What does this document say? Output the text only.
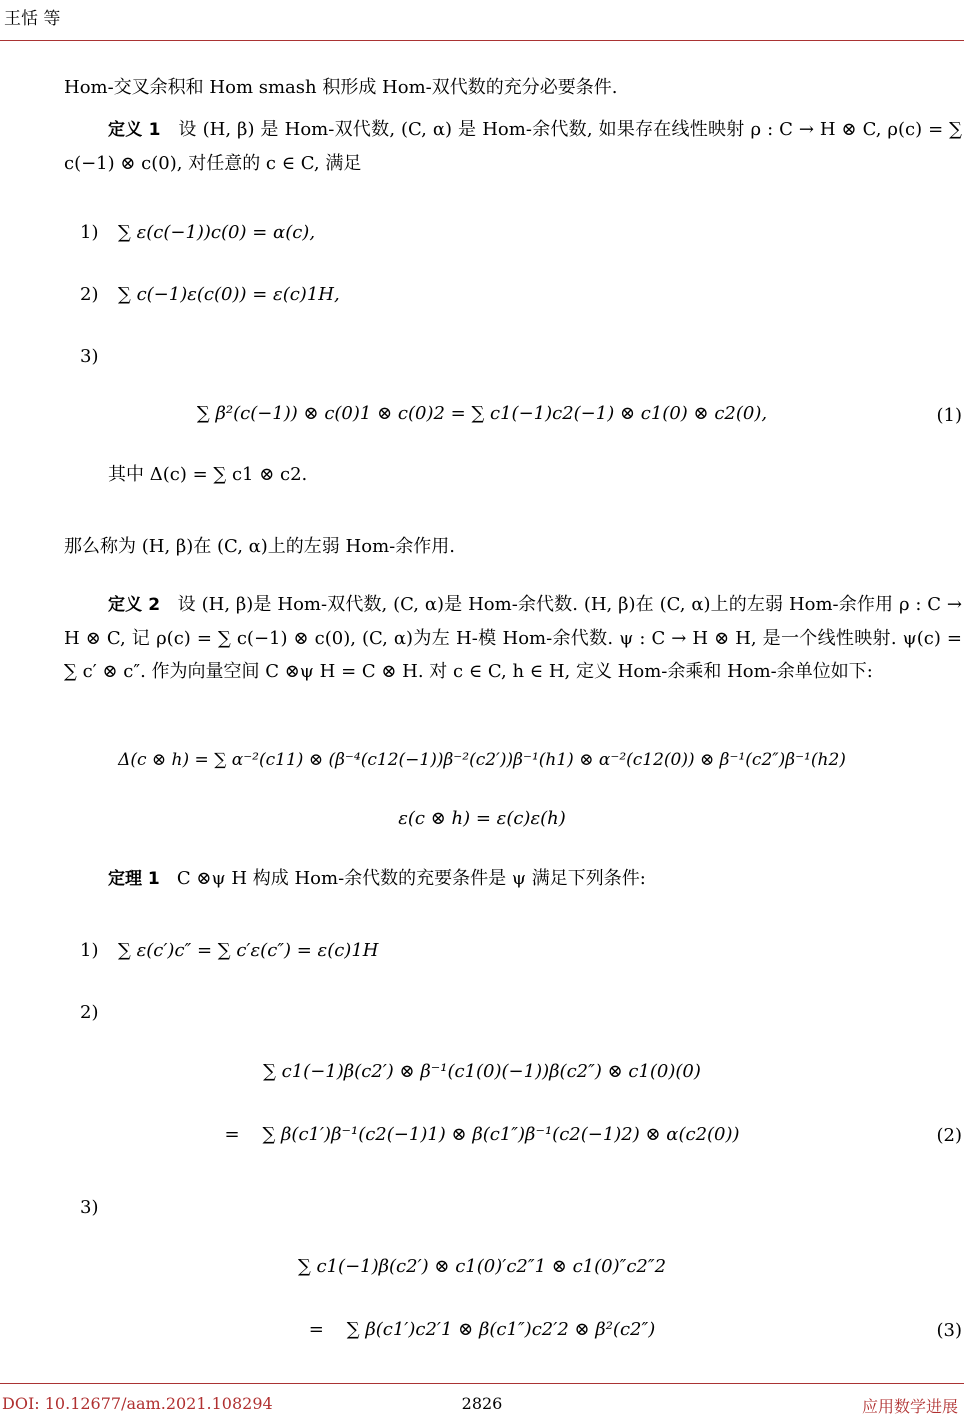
王恬 等
Hom-交叉余积和 Hom smash 积形成 Hom-双代数的充分必要条件.
定义 1 设 (H, β) 是 Hom-双代数, (C, α) 是 Hom-余代数, 如果存在线性映射 ρ : C → H ⊗ C, ρ(c) = ∑ c(−1) ⊗ c(0), 对任意的 c ∈ C, 满足
1) ∑ ε(c(−1))c(0) = α(c),
2) ∑ c(−1)ε(c(0)) = ε(c)1H,
3)
∑ β²(c(−1)) ⊗ c(0)1 ⊗ c(0)2 = ∑ c1(−1)c2(−1) ⊗ c1(0) ⊗ c2(0),	(1)
其中 Δ(c) = ∑ c1 ⊗ c2.
那么称为 (H, β)在 (C, α)上的左弱 Hom-余作用.
定义 2 设 (H, β)是 Hom-双代数, (C, α)是 Hom-余代数. (H, β)在 (C, α)上的左弱 Hom-余作用 ρ : C → H ⊗ C, 记 ρ(c) = ∑ c(−1) ⊗ c(0), (C, α)为左 H-模 Hom-余代数. ψ : C → H ⊗ H, 是一个线性映射. ψ(c) = ∑ c′ ⊗ c″. 作为向量空间 C ⊗ψ H = C ⊗ H. 对 c ∈ C, h ∈ H, 定义 Hom-余乘和 Hom-余单位如下:
Δ(c ⊗ h) = ∑ α⁻²(c11) ⊗ (β⁻⁴(c12(−1))β⁻²(c2′))β⁻¹(h1) ⊗ α⁻²(c12(0)) ⊗ β⁻¹(c2″)β⁻¹(h2)
ε(c ⊗ h) = ε(c)ε(h)
定理 1 C ⊗ψ H 构成 Hom-余代数的充要条件是 ψ 满足下列条件:
1) ∑ ε(c′)c″ = ∑ c′ε(c″) = ε(c)1H
2)
∑ c1(−1)β(c2′) ⊗ β⁻¹(c1(0)(−1))β(c2″) ⊗ c1(0)(0)
= ∑ β(c1′)β⁻¹(c2(−1)1) ⊗ β(c1″)β⁻¹(c2(−1)2) ⊗ α(c2(0))	(2)
3)
∑ c1(−1)β(c2′) ⊗ c1(0)′c2″1 ⊗ c1(0)″c2″2
= ∑ β(c1′)c2′1 ⊗ β(c1″)c2′2 ⊗ β²(c2″)	(3)
DOI: 10.12677/aam.2021.108294	2826	应用数学进展
